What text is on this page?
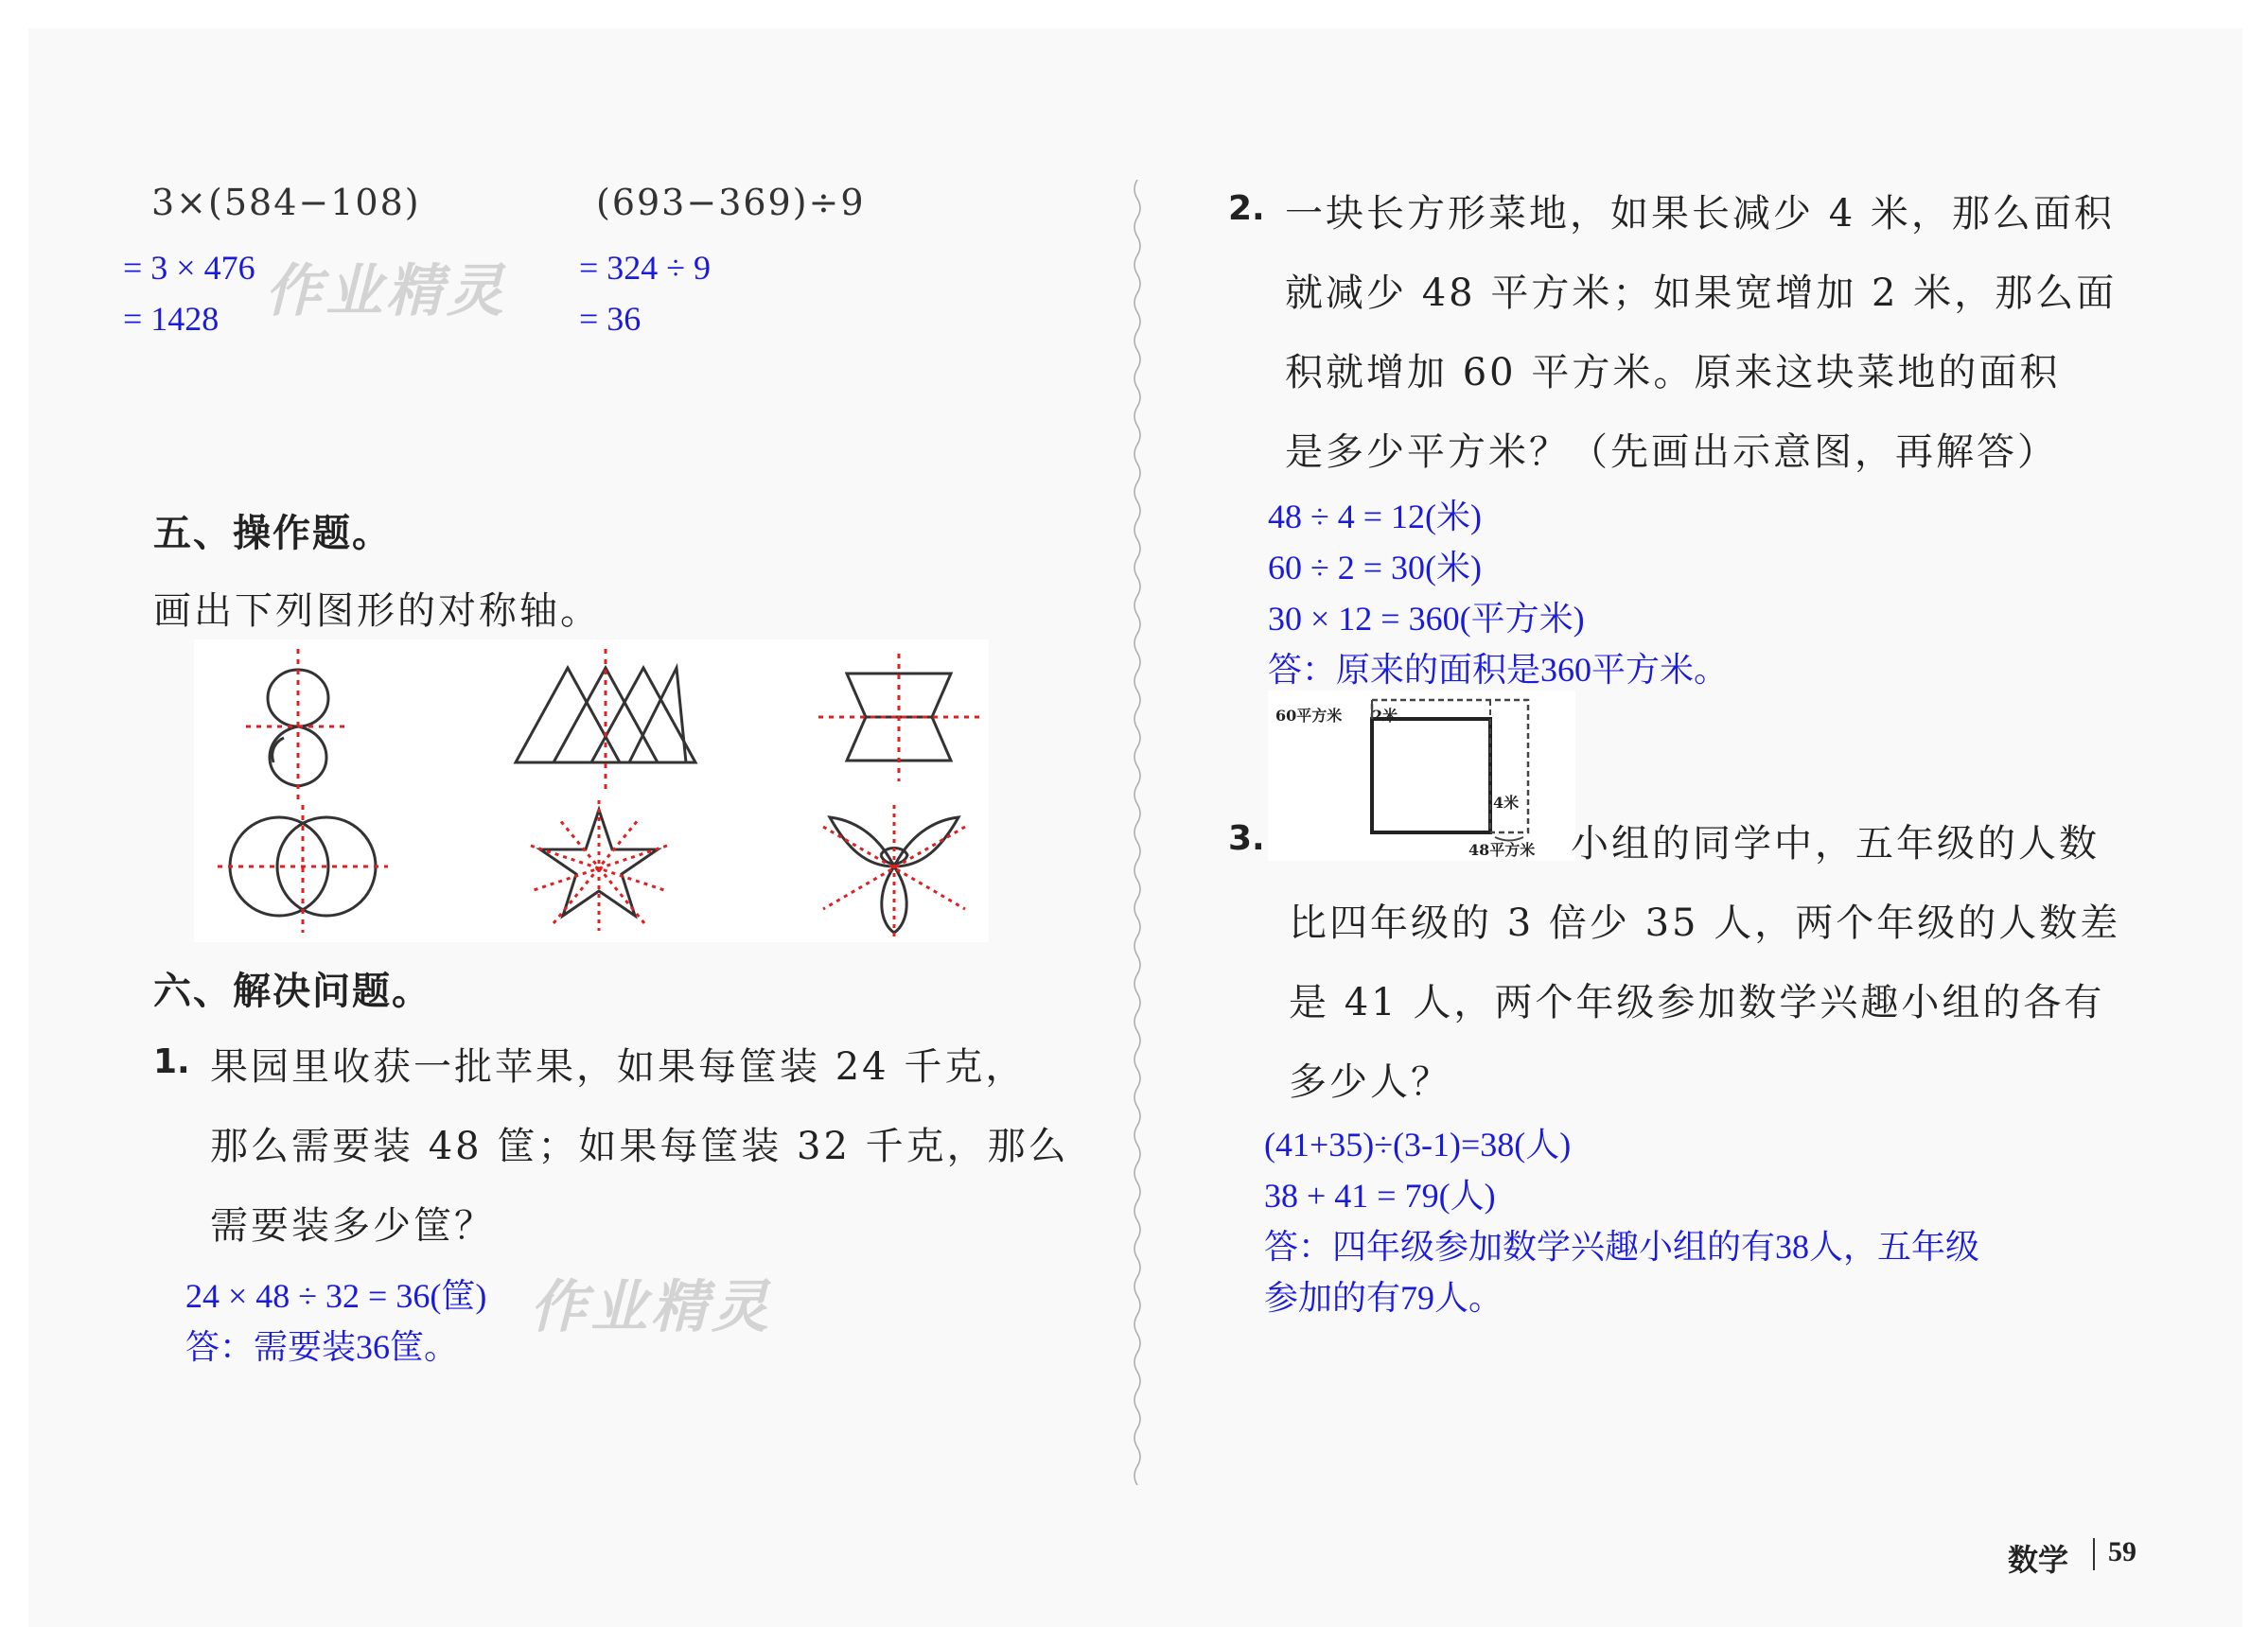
3×(584−108)
= 3 × 476
= 1428
(693−369)÷9
= 324 ÷ 9
= 36
作业精灵
五、操作题。
画出下列图形的对称轴。
六、解决问题。
1. 果园里收获一批苹果，如果每筐装 24 千克，
那么需要装 48 筐；如果每筐装 32 千克，那么
需要装多少筐？
24 × 48 ÷ 32 = 36(筐)
答：需要装36筐。
作业精灵
2. 一块长方形菜地，如果长减少 4 米，那么面积
就减少 48 平方米；如果宽增加 2 米，那么面
积就增加 60 平方米。原来这块菜地的面积
是多少平方米？（先画出示意图，再解答）
48 ÷ 4 = 12(米)
60 ÷ 2 = 30(米)
30 × 12 = 360(平方米)
答：原来的面积是360平方米。
60平方米 2米
4米
48平方米
3.	小组的同学中，五年级的人数
比四年级的 3 倍少 35 人，两个年级的人数差
是 41 人，两个年级参加数学兴趣小组的各有
多少人？
(41+35)÷(3-1)=38(人)
38 + 41 = 79(人)
答：四年级参加数学兴趣小组的有38人，五年级
参加的有79人。
数学 59
